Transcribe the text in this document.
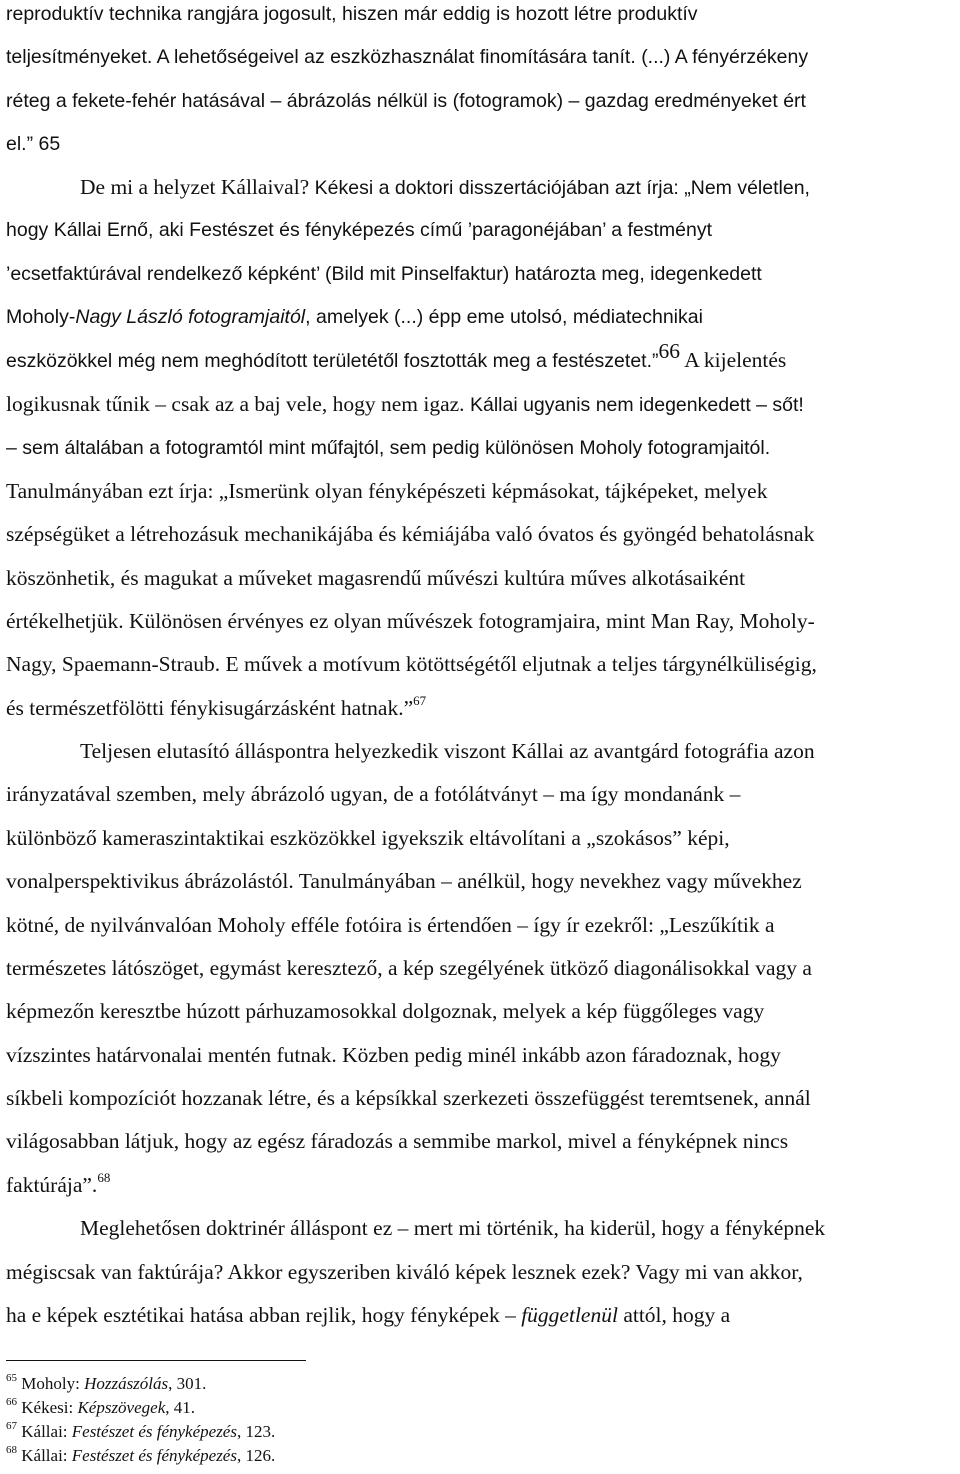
reproduktív technika rangjára jogosult, hiszen már eddig is hozott létre produktív
teljesítményeket. A lehetőségeivel az eszközhasználat finomítására tanít. (...) A fényérzékeny
réteg a fekete-fehér hatásával – ábrázolás nélkül is (fotogramok) – gazdag eredményeket ért
el.” 65
De mi a helyzet Kállaival? Kékesi a doktori disszertációjában azt írja: „Nem véletlen,
hogy Kállai Ernő, aki Festészet és fényképezés című ’paragonéjában’ a festményt
’ecsetfaktúrával rendelkező képként’ (Bild mit Pinselfaktur) határozta meg, idegenkedett
Moholy-Nagy László fotogramjaitól, amelyek (...) épp eme utolsó, médiatechnikai
eszközökkel még nem meghódított területétől fosztották meg a festészetet.”$^{66}$ A kijelentés
logikusnak tűnik – csak az a baj vele, hogy nem igaz. Kállai ugyanis nem idegenkedett – sőt!
– sem általában a fotogramtól mint műfajtól, sem pedig különösen Moholy fotogramjaitól.
Tanulmányában ezt írja: „Ismerünk olyan fényképészeti képmásokat, tájképeket, melyek
szépségüket a létrehozásuk mechanikájába és kémiájába való óvatos és gyöngéd behatolásnak
köszönhetik, és magukat a műveket magasrendű művészi kultúra műves alkotásaiként
értékelhetjük. Különösen érvényes ez olyan művészek fotogramjaira, mint Man Ray, Moholy-
Nagy, Spaemann-Straub. E művek a motívum kötöttségétől eljutnak a teljes tárgynélküliségig,
és természetfölötti fénykisugárzásként hatnak.”$^{67}$
Teljesen elutasító álláspontra helyezkedik viszont Kállai az avantgárd fotográfia azon
irányzatával szemben, mely ábrázoló ugyan, de a fotólátványt – ma így mondanánk –
különböző kameraszintaktikai eszközökkel igyekszik eltávolítani a „szokásos” képi,
vonalperspektivikus ábrázolástól. Tanulmányában – anélkül, hogy nevekhez vagy művekhez
kötné, de nyilvánvalóan Moholy efféle fotóira is értendően – így ír ezekről: „Leszűkítik a
természetes látószöget, egymást keresztező, a kép szegélyének ütköző diagonálisokkal vagy a
képmezőn keresztbe húzott párhuzamosokkal dolgoznak, melyek a kép függőleges vagy
vízszintes határvonalai mentén futnak. Közben pedig minél inkább azon fáradoznak, hogy
síkbeli kompozíciót hozzanak létre, és a képsíkkal szerkezeti összefüggést teremtsenek, annál
világosabban látjuk, hogy az egész fáradozás a semmibe markol, mivel a fényképnek nincs
faktúrája”.$^{68}$
Meglehetősen doktrinér álláspont ez – mert mi történik, ha kiderül, hogy a fényképnek
mégiscsak van faktúrája? Akkor egyszeriben kiváló képek lesznek ezek? Vagy mi van akkor,
ha e képek esztétikai hatása abban rejlik, hogy fényképek – függetlenül attól, hogy a
$^{65}$ Moholy: Hozzászólás, 301.
$^{66}$ Kékesi: Képszövegek, 41.
$^{67}$ Kállai: Festészet és fényképezés, 123.
$^{68}$ Kállai: Festészet és fényképezés, 126.
